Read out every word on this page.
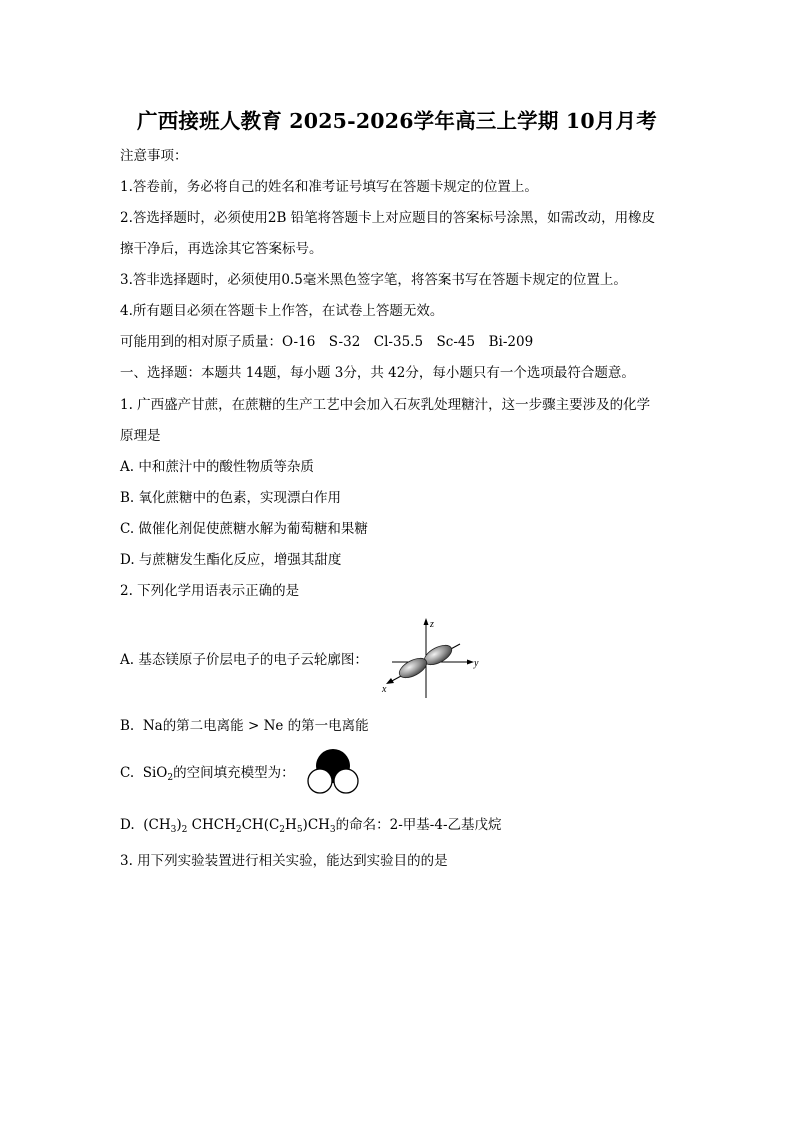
广西接班人教育 2025-2026学年高三上学期 10月月考
注意事项：
1.答卷前，务必将自己的姓名和准考证号填写在答题卡规定的位置上。
2.答选择题时，必须使用2B 铅笔将答题卡上对应题目的答案标号涂黑，如需改动，用橡皮
擦干净后，再选涂其它答案标号。
3.答非选择题时，必须使用0.5毫米黑色签字笔，将答案书写在答题卡规定的位置上。
4.所有题目必须在答题卡上作答，在试卷上答题无效。
可能用到的相对原子质量：O-16　S-32　Cl-35.5　Sc-45　Bi-209
一、选择题：本题共 14题，每小题 3分，共 42分，每小题只有一个选项最符合题意。
1. 广西盛产甘蔗，在蔗糖的生产工艺中会加入石灰乳处理糖汁，这一步骤主要涉及的化学
原理是
A. 中和蔗汁中的酸性物质等杂质
B. 氧化蔗糖中的色素，实现漂白作用
C. 做催化剂促使蔗糖水解为葡萄糖和果糖
D. 与蔗糖发生酯化反应，增强其甜度
2. 下列化学用语表示正确的是
A. 基态镁原子价层电子的电子云轮廓图：
z
y
x
B. Na的第二电离能 > Ne 的第一电离能
C. SiO$_2$的空间填充模型为：
D. $(CH_3)_2$ $CHCH_2CH(C_2H_5)CH_3$的命名：2-甲基-4-乙基戊烷
3. 用下列实验装置进行相关实验，能达到实验目的的是
